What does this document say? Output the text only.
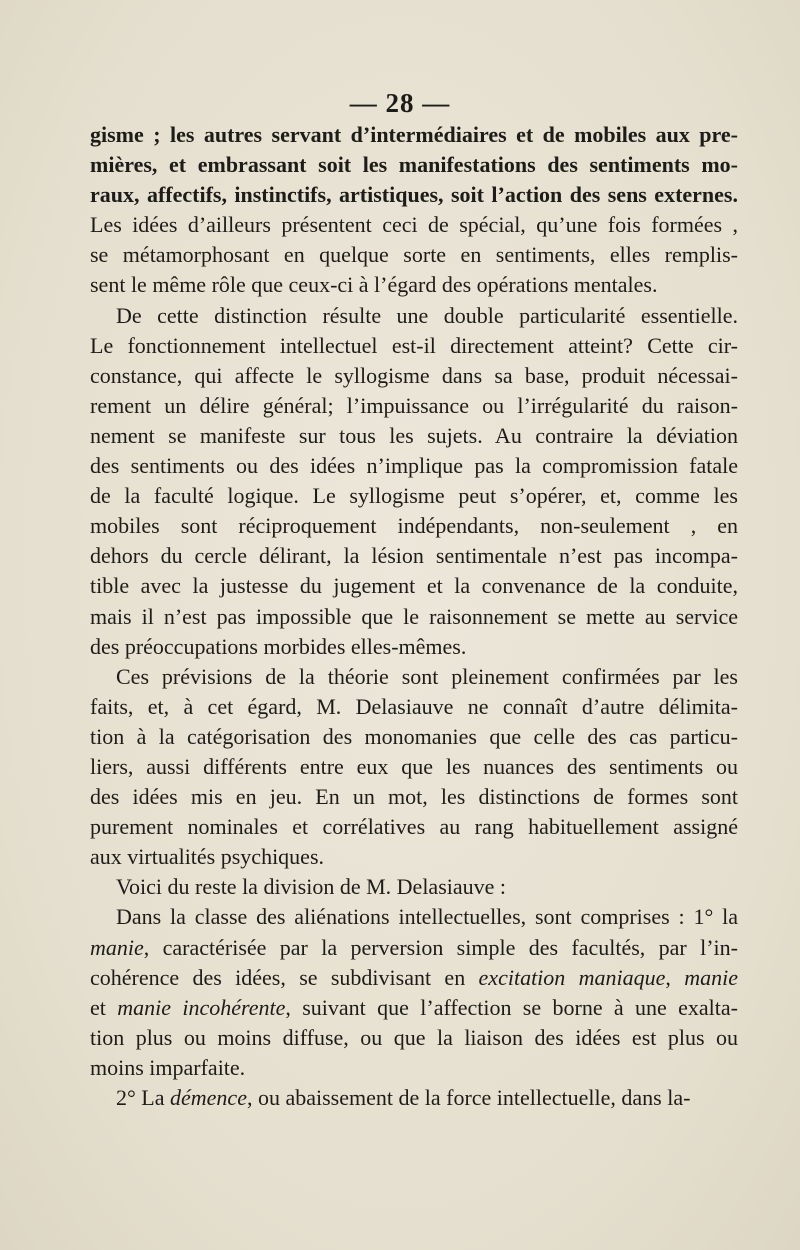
— 28 —
gisme ; les autres servant d’intermédiaires et de mobiles aux pre-
mières, et embrassant soit les manifestations des sentiments mo-
raux, affectifs, instinctifs, artistiques, soit l’action des sens externes.
Les idées d’ailleurs présentent ceci de spécial, qu’une fois formées ,
se métamorphosant en quelque sorte en sentiments, elles remplis-
sent le même rôle que ceux-ci à l’égard des opérations mentales.
De cette distinction résulte une double particularité essentielle.
Le fonctionnement intellectuel est-il directement atteint? Cette cir-
constance, qui affecte le syllogisme dans sa base, produit nécessai-
rement un délire général; l’impuissance ou l’irrégularité du raison-
nement se manifeste sur tous les sujets. Au contraire la déviation
des sentiments ou des idées n’implique pas la compromission fatale
de la faculté logique. Le syllogisme peut s’opérer, et, comme les
mobiles sont réciproquement indépendants, non-seulement , en
dehors du cercle délirant, la lésion sentimentale n’est pas incompa-
tible avec la justesse du jugement et la convenance de la conduite,
mais il n’est pas impossible que le raisonnement se mette au service
des préoccupations morbides elles-mêmes.
Ces prévisions de la théorie sont pleinement confirmées par les
faits, et, à cet égard, M. Delasiauve ne connaît d’autre délimita-
tion à la catégorisation des monomanies que celle des cas particu-
liers, aussi différents entre eux que les nuances des sentiments ou
des idées mis en jeu. En un mot, les distinctions de formes sont
purement nominales et corrélatives au rang habituellement assigné
aux virtualités psychiques.
Voici du reste la division de M. Delasiauve :
Dans la classe des aliénations intellectuelles, sont comprises : 1° la
manie, caractérisée par la perversion simple des facultés, par l’in-
cohérence des idées, se subdivisant en excitation maniaque, manie
et manie incohérente, suivant que l’affection se borne à une exalta-
tion plus ou moins diffuse, ou que la liaison des idées est plus ou
moins imparfaite.
2° La démence, ou abaissement de la force intellectuelle, dans la-
